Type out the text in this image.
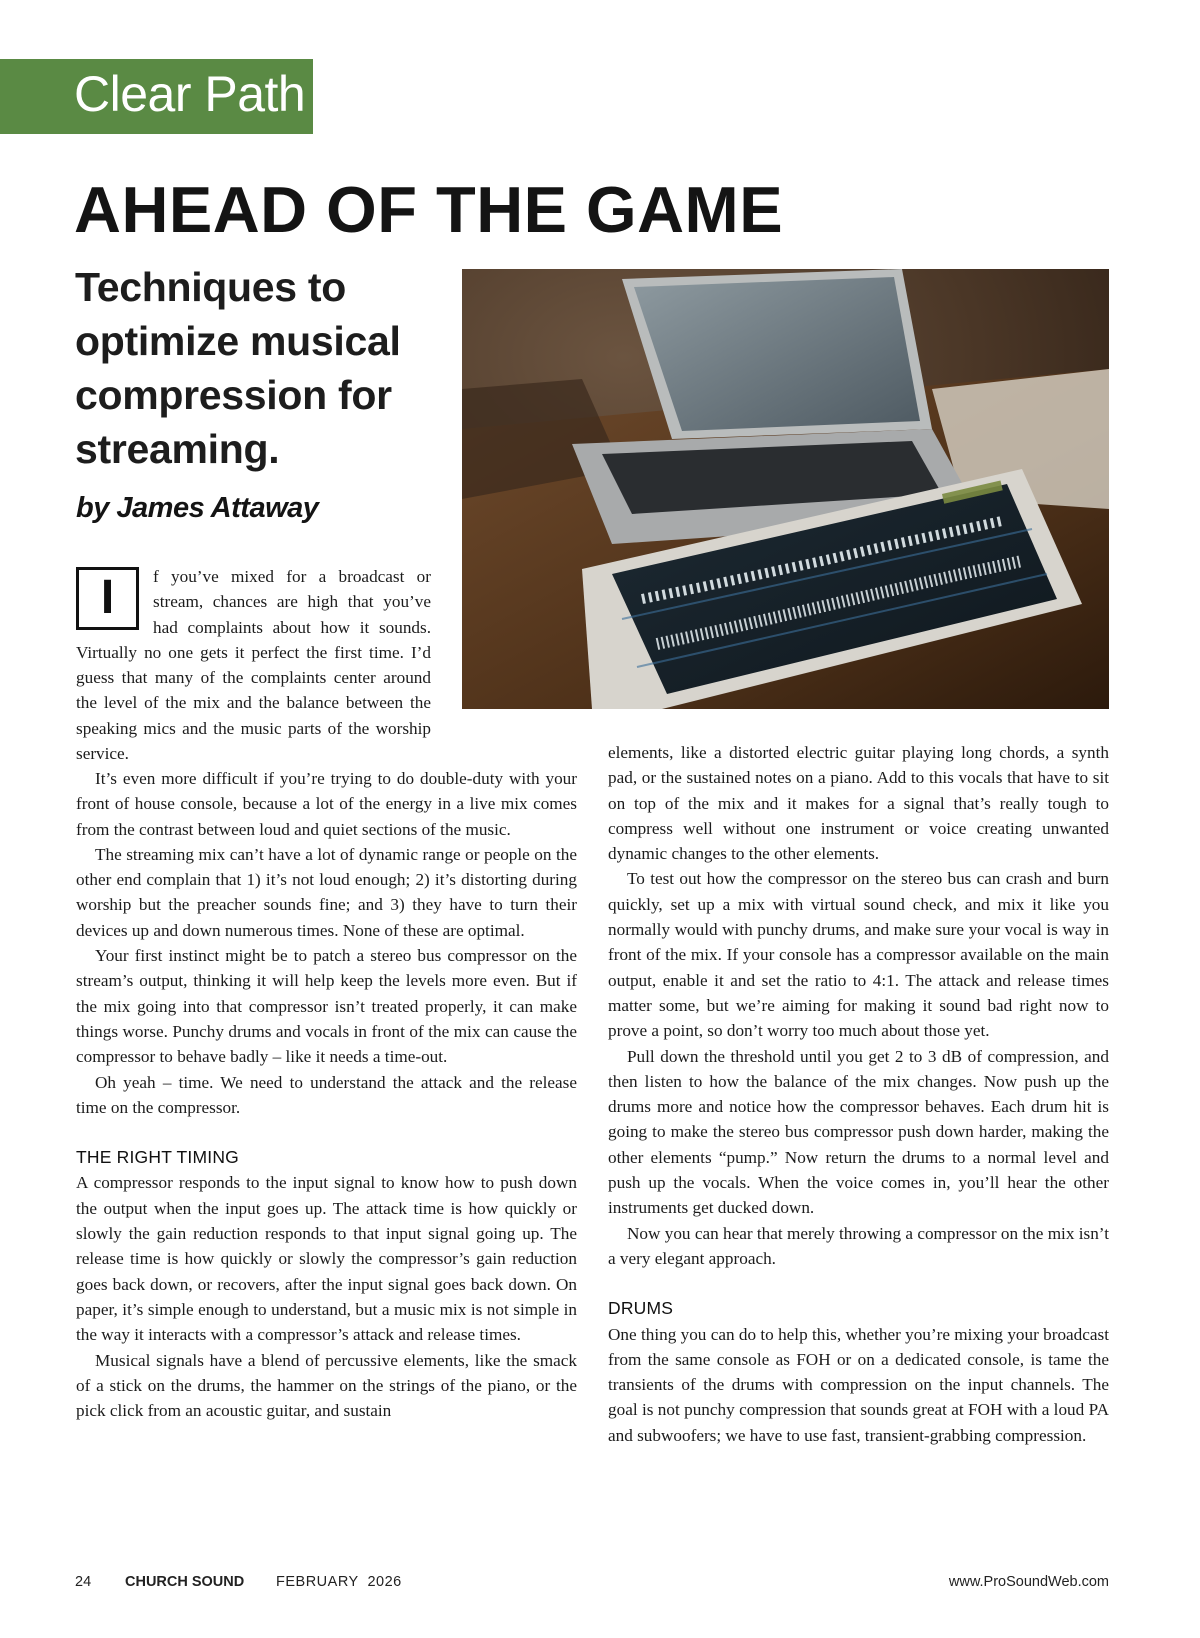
Clear Path
AHEAD OF THE GAME
Techniques to optimize musical compression for streaming.
by James Attaway
I	f you’ve mixed for a broadcast or stream, chances are high that you’ve had complaints about how it sounds. Virtually no one gets it perfect the first time. I’d guess that many of the complaints center around the level of the mix and the balance between the speaking mics and the music parts of the worship service.

It’s even more difficult if you’re trying to do double-duty with your front of house console, because a lot of the energy in a live mix comes from the contrast between loud and quiet sections of the music.

The streaming mix can’t have a lot of dynamic range or people on the other end complain that 1) it’s not loud enough; 2) it’s distorting during worship but the preacher sounds fine; and 3) they have to turn their devices up and down numerous times. None of these are optimal.

Your first instinct might be to patch a stereo bus compressor on the stream’s output, thinking it will help keep the levels more even. But if the mix going into that compressor isn’t treated properly, it can make things worse. Punchy drums and vocals in front of the mix can cause the compressor to behave badly – like it needs a time-out.

Oh yeah – time. We need to understand the attack and the release time on the compressor.

THE RIGHT TIMING

A compressor responds to the input signal to know how to push down the output when the input goes up. The attack time is how quickly or slowly the gain reduction responds to that input signal going up. The release time is how quickly or slowly the compressor’s gain reduction goes back down, or recovers, after the input signal goes back down. On paper, it’s simple enough to understand, but a music mix is not simple in the way it interacts with a compressor’s attack and release times.

Musical signals have a blend of percussive elements, like the smack of a stick on the drums, the hammer on the strings of the piano, or the pick click from an acoustic guitar, and sustain

elements, like a distorted electric guitar playing long chords, a synth pad, or the sustained notes on a piano. Add to this vocals that have to sit on top of the mix and it makes for a signal that’s really tough to compress well without one instrument or voice creating unwanted dynamic changes to the other elements.

To test out how the compressor on the stereo bus can crash and burn quickly, set up a mix with virtual sound check, and mix it like you normally would with punchy drums, and make sure your vocal is way in front of the mix. If your console has a compressor available on the main output, enable it and set the ratio to 4:1. The attack and release times matter some, but we’re aiming for making it sound bad right now to prove a point, so don’t worry too much about those yet.

Pull down the threshold until you get 2 to 3 dB of compression, and then listen to how the balance of the mix changes. Now push up the drums more and notice how the compressor behaves. Each drum hit is going to make the stereo bus compressor push down harder, making the other elements “pump.” Now return the drums to a normal level and push up the vocals. When the voice comes in, you’ll hear the other instruments get ducked down.

Now you can hear that merely throwing a compressor on the mix isn’t a very elegant approach.

DRUMS

One thing you can do to help this, whether you’re mixing your broadcast from the same console as FOH or on a dedicated console, is tame the transients of the drums with compression on the input channels. The goal is not punchy compression that sounds great at FOH with a loud PA and subwoofers; we have to use fast, transient-grabbing compression.

24 CHURCH SOUND FEBRUARY  2026	www.ProSoundWeb.com
